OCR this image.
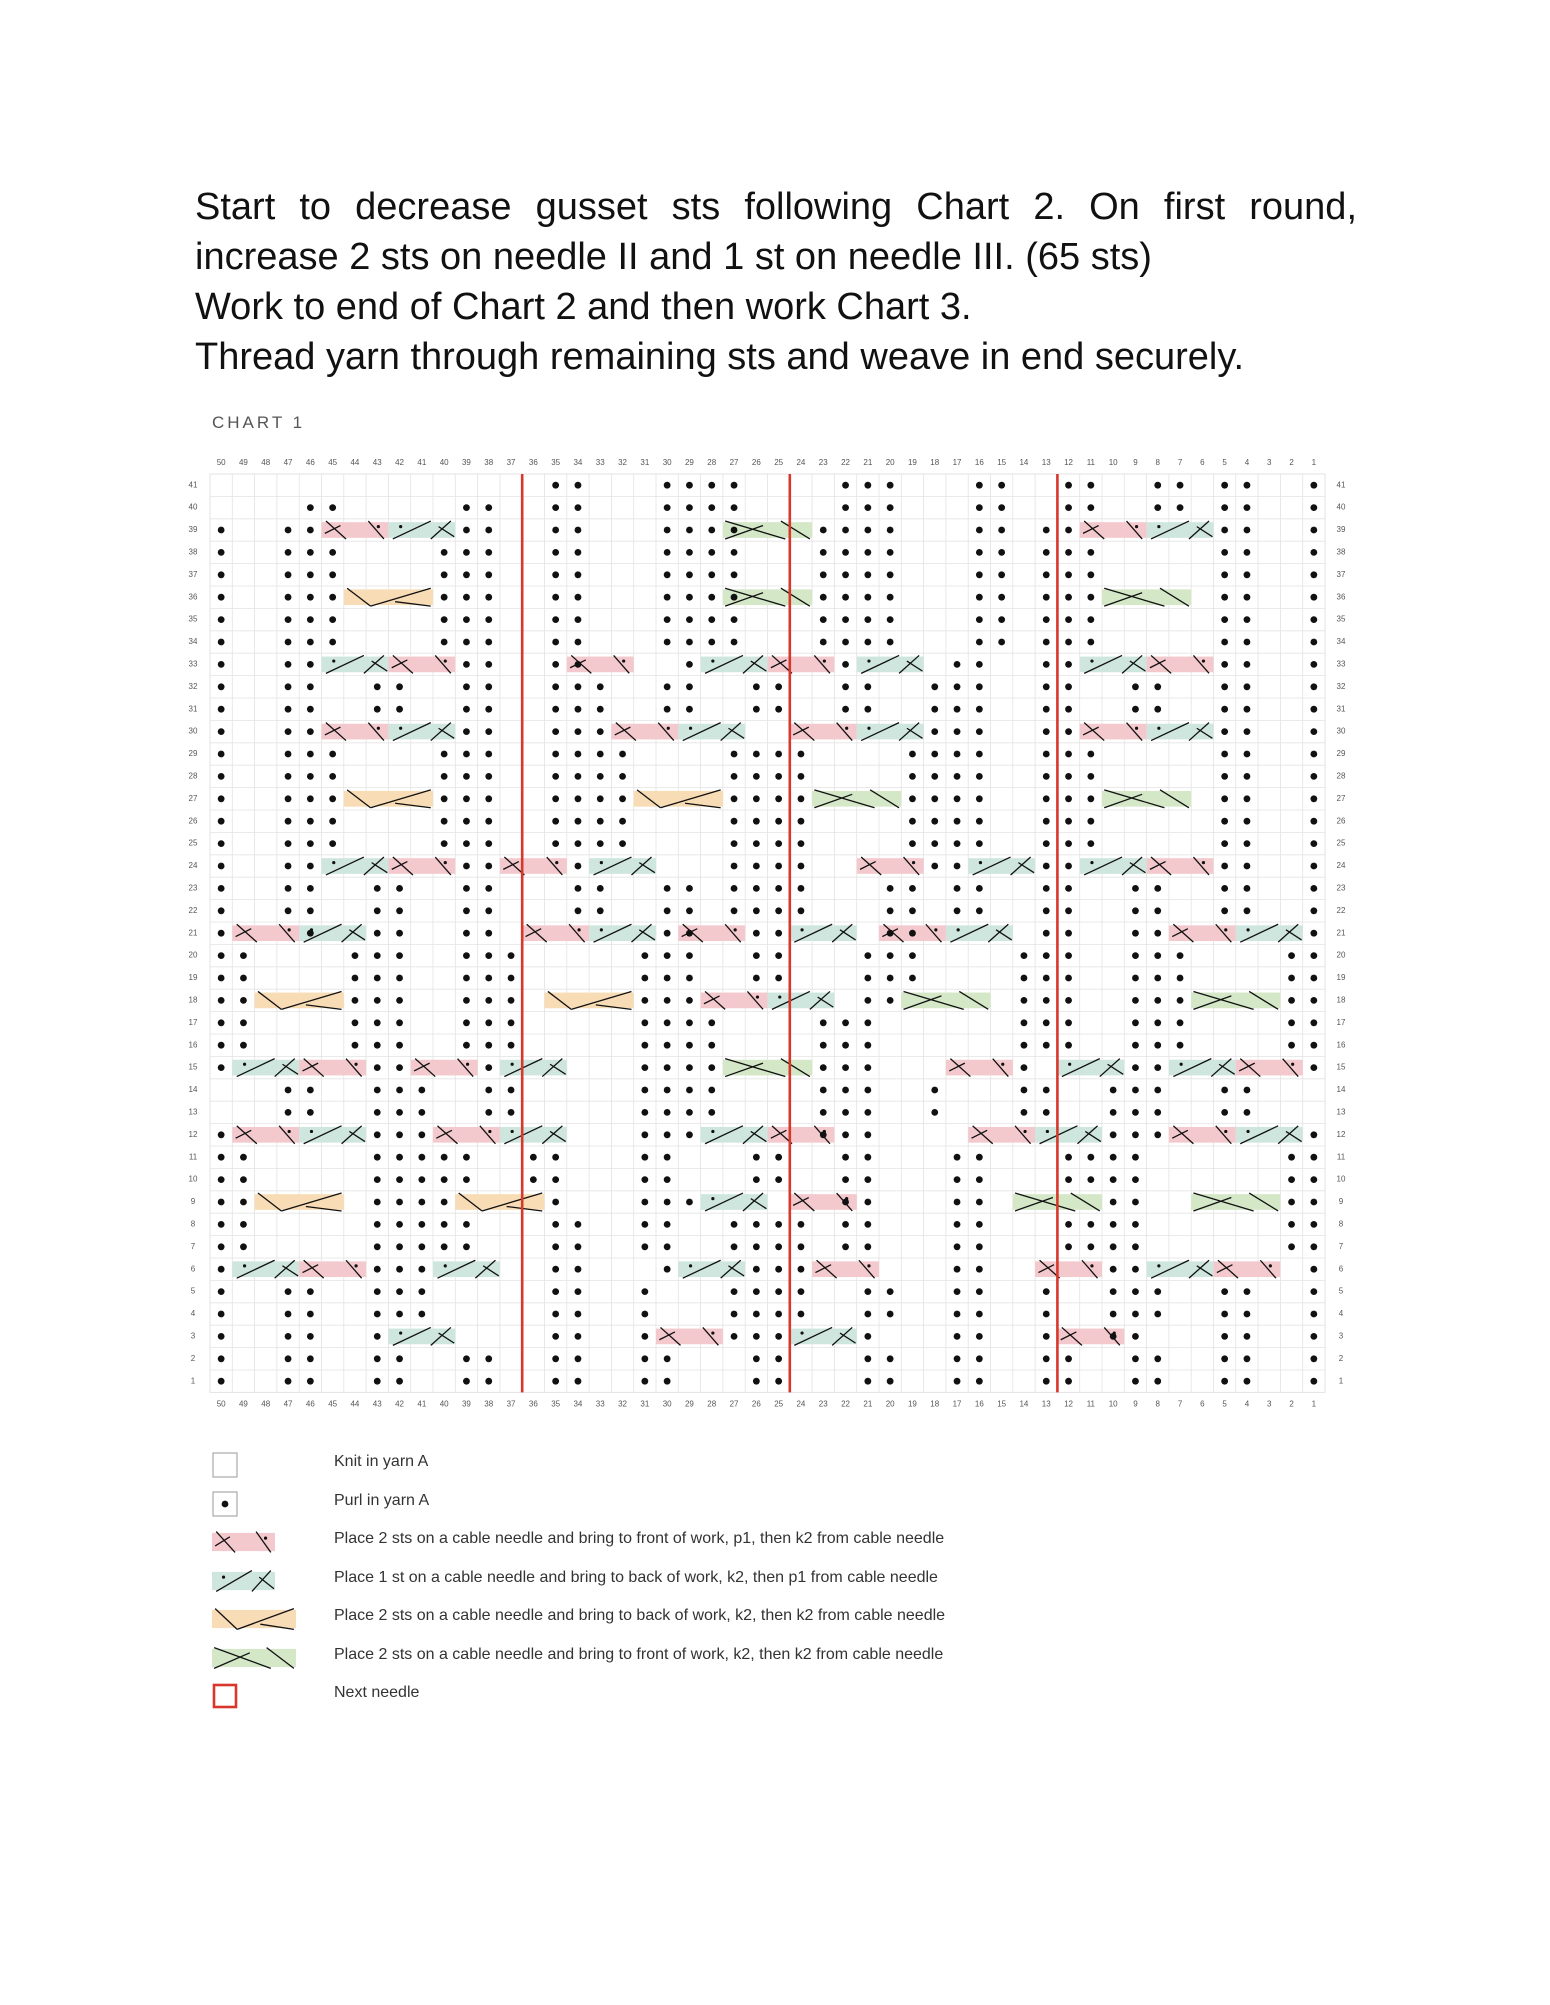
Start to decrease gusset sts following Chart 2. On first round, increase 2 sts on needle II and 1 st on needle III. (65 sts)

Work to end of Chart 2 and then work Chart 3.

Thread yarn through remaining sts and weave in end securely.

CHART 1
1
1
2
2
3
3
4
4
5
5
6
6
7
7
8
8
9
9
10
10
11
11
12
12
13
13
14
14
15
15
16
16
17
17
18
18
19
19
20
20
21
21
22
22
23
23
24
24
25
25
26
26
27
27
28
28
29
29
30
30
31
31
32
32
33
33
34
34
35
35
36
36
37
37
38
38
39
39
40
40
41
41
42
42
43
43
44
44
45
45
46
46
47
47
48
48
49
49
50
50
1	1
2	2
3	3
4	4
5	5
6	6
7	7
8	8
9	9
10	10
11	11
12	12
13	13
14	14
15	15
16	16
17	17
18	18
19	19
20	20
21	21
22	22
23	23
24	24
25	25
26	26
27	27
28	28
29	29
30	30
31	31
32	32
33	33
34	34
35	35
36	36
37	37
38	38
39	39
40	40
41	41
Knit in yarn A
Purl in yarn A
Place 2 sts on a cable needle and bring to front of work, p1, then k2 from cable needle
Place 1 st on a cable needle and bring to back of work, k2, then p1 from cable needle
Place 2 sts on a cable needle and bring to back of work, k2, then k2 from cable needle
Place 2 sts on a cable needle and bring to front of work, k2, then k2 from cable needle
Next needle
